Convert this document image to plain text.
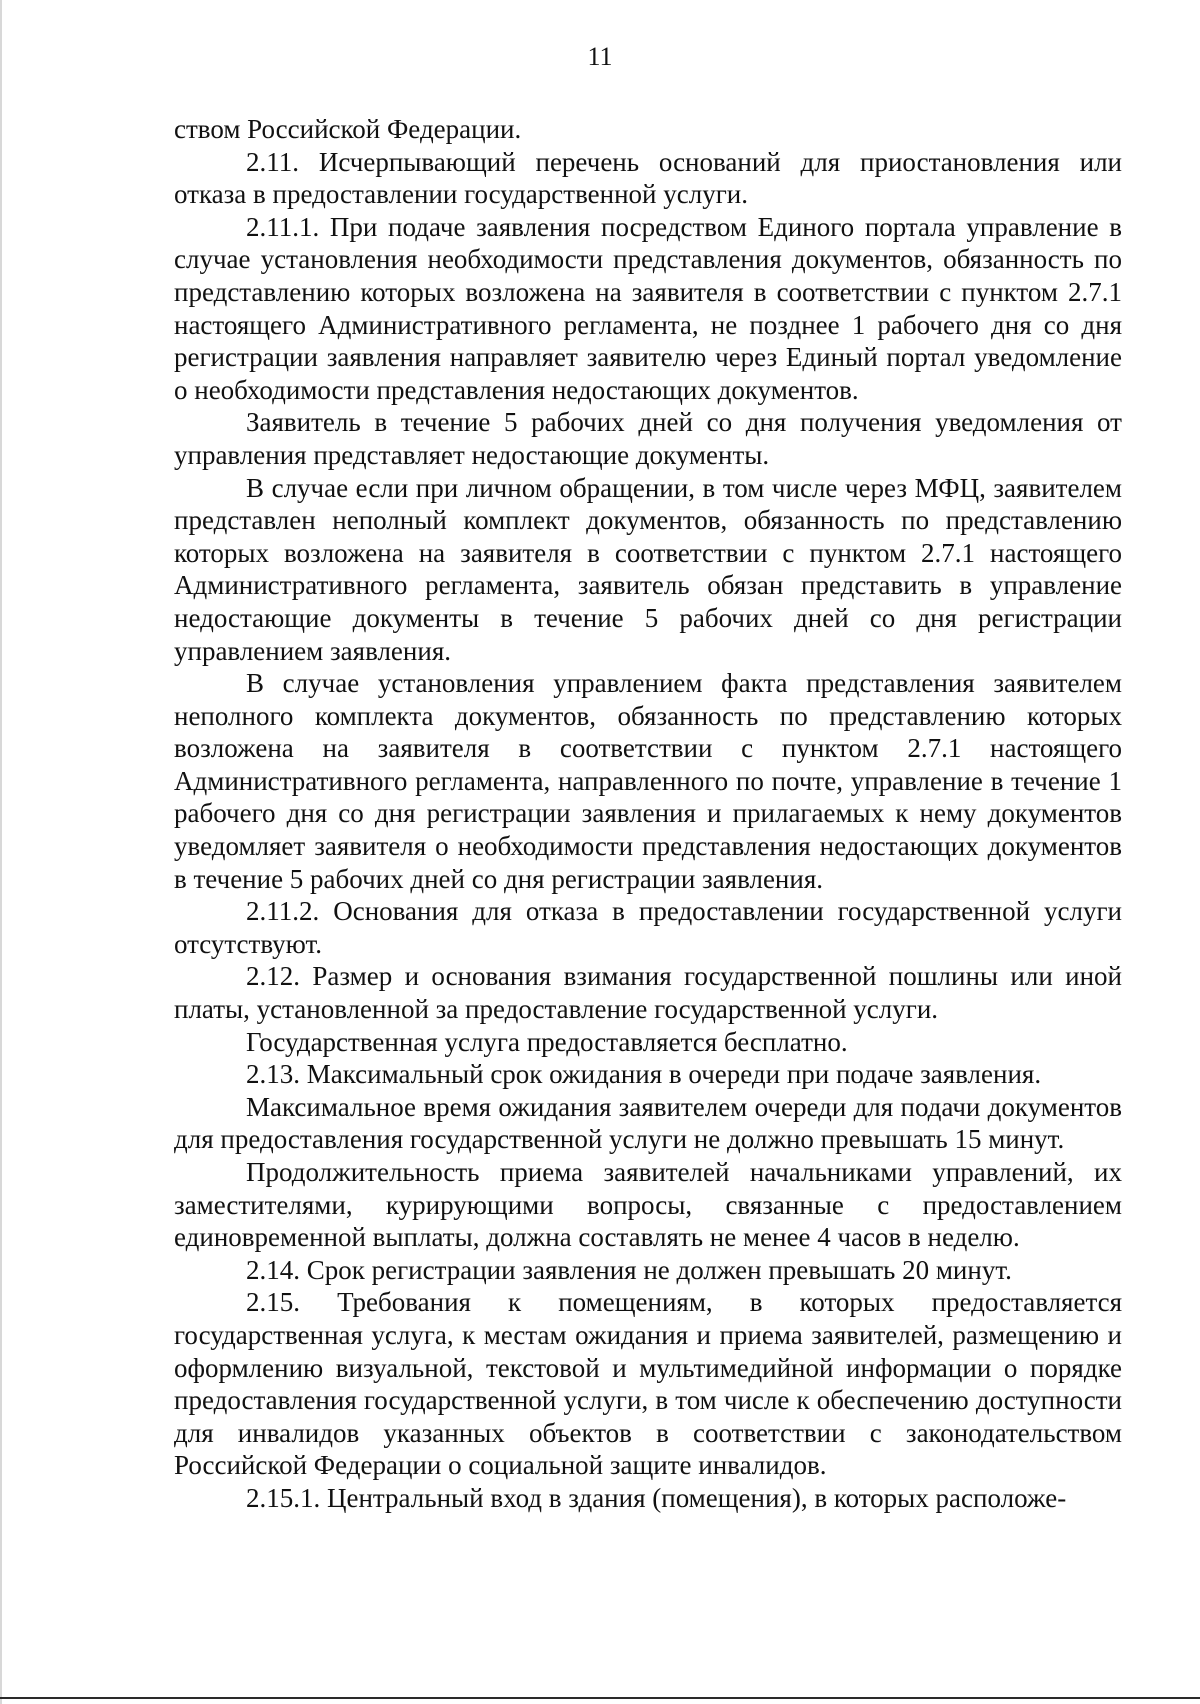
11

ством Российской Федерации.

2.11. Исчерпывающий перечень оснований для приостановления или отказа в предоставлении государственной услуги.

2.11.1. При подаче заявления посредством Единого портала управление в случае установления необходимости представления документов, обязанность по представлению которых возложена на заявителя в соответствии с пунктом 2.7.1 настоящего Административного регламента, не позднее 1 рабочего дня со дня регистрации заявления направляет заявителю через Единый портал уведомление о необходимости представления недостающих документов.

Заявитель в течение 5 рабочих дней со дня получения уведомления от управления представляет недостающие документы.

В случае если при личном обращении, в том числе через МФЦ, заявителем представлен неполный комплект документов, обязанность по представлению которых возложена на заявителя в соответствии с пунктом 2.7.1 настоящего Административного регламента, заявитель обязан представить в управление недостающие документы в течение 5 рабочих дней со дня регистрации управлением заявления.

В случае установления управлением факта представления заявителем неполного комплекта документов, обязанность по представлению которых возложена на заявителя в соответствии с пунктом 2.7.1 настоящего Административного регламента, направленного по почте, управление в течение 1 рабочего дня со дня регистрации заявления и прилагаемых к нему документов уведомляет заявителя о необходимости представления недостающих документов в течение 5 рабочих дней со дня регистрации заявления.

2.11.2. Основания для отказа в предоставлении государственной услуги отсутствуют.

2.12. Размер и основания взимания государственной пошлины или иной платы, установленной за предоставление государственной услуги.

Государственная услуга предоставляется бесплатно.

2.13. Максимальный срок ожидания в очереди при подаче заявления.

Максимальное время ожидания заявителем очереди для подачи документов для предоставления государственной услуги не должно превышать 15 минут.

Продолжительность приема заявителей начальниками управлений, их заместителями, курирующими вопросы, связанные с предоставлением единовременной выплаты, должна составлять не менее 4 часов в неделю.

2.14. Срок регистрации заявления не должен превышать 20 минут.

2.15. Требования к помещениям, в которых предоставляется государственная услуга, к местам ожидания и приема заявителей, размещению и оформлению визуальной, текстовой и мультимедийной информации о порядке предоставления государственной услуги, в том числе к обеспечению доступности для инвалидов указанных объектов в соответствии с законодательством Российской Федерации о социальной защите инвалидов.

2.15.1. Центральный вход в здания (помещения), в которых расположе-
